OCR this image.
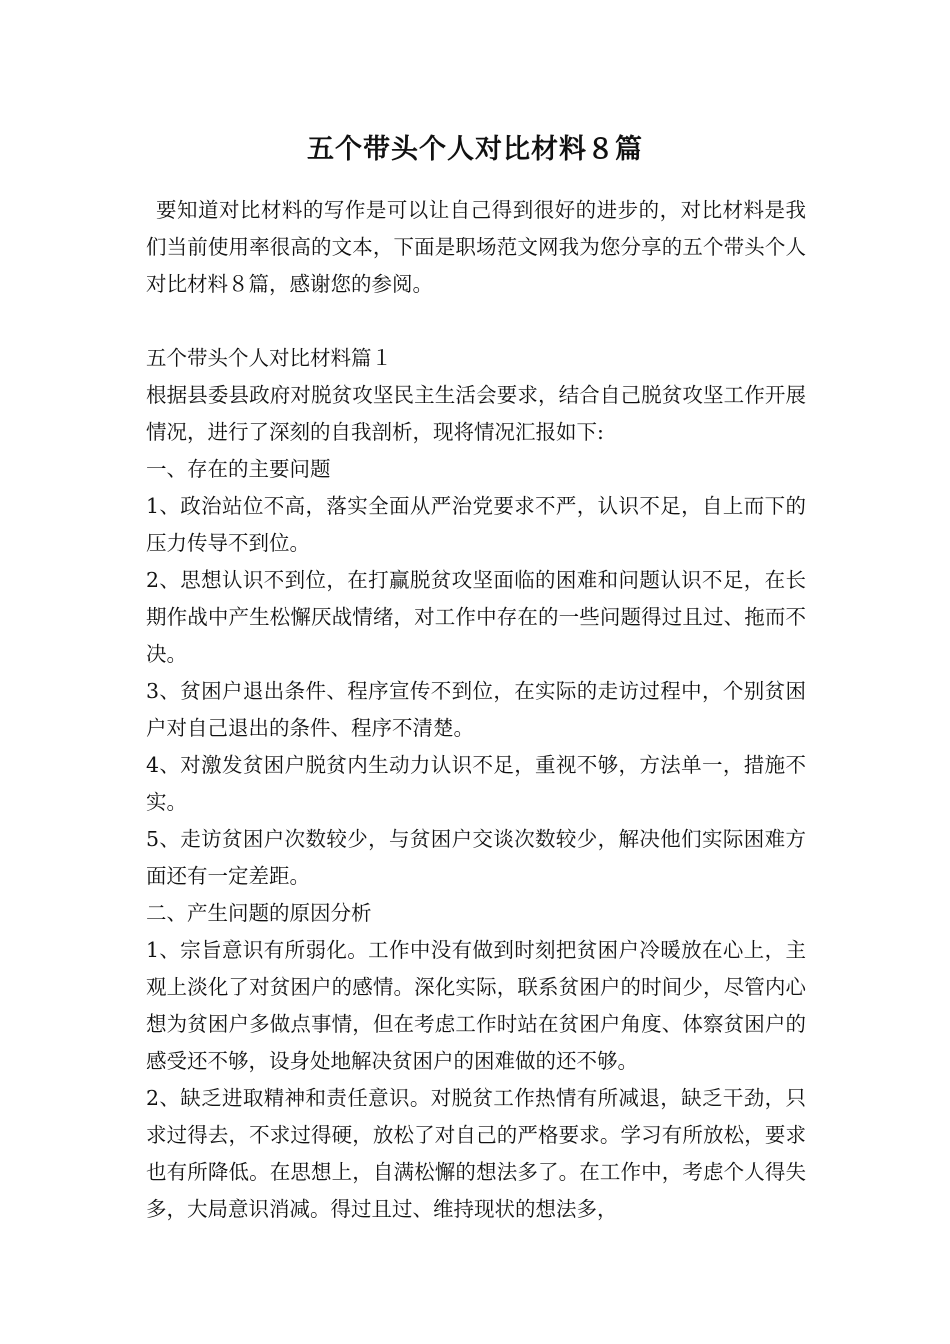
五个带头个人对比材料８篇

要知道对比材料的写作是可以让自己得到很好的进步的，对比材料是我们当前使用率很高的文本，下面是职场范文网我为您分享的五个带头个人对比材料８篇，感谢您的参阅。

五个带头个人对比材料篇１

根据县委县政府对脱贫攻坚民主生活会要求，结合自己脱贫攻坚工作开展情况，进行了深刻的自我剖析，现将情况汇报如下:

一、存在的主要问题

1、政治站位不高，落实全面从严治党要求不严，认识不足，自上而下的压力传导不到位。

2、思想认识不到位，在打赢脱贫攻坚面临的困难和问题认识不足，在长期作战中产生松懈厌战情绪，对工作中存在的一些问题得过且过、拖而不决。

3、贫困户退出条件、程序宣传不到位，在实际的走访过程中，个别贫困户对自己退出的条件、程序不清楚。

4、对激发贫困户脱贫内生动力认识不足，重视不够，方法单一，措施不实。

5、走访贫困户次数较少，与贫困户交谈次数较少，解决他们实际困难方面还有一定差距。

二、产生问题的原因分析

1、宗旨意识有所弱化。工作中没有做到时刻把贫困户冷暖放在心上，主观上淡化了对贫困户的感情。深化实际，联系贫困户的时间少，尽管内心想为贫困户多做点事情，但在考虑工作时站在贫困户角度、体察贫困户的感受还不够，设身处地解决贫困户的困难做的还不够。

2、缺乏进取精神和责任意识。对脱贫工作热情有所减退，缺乏干劲，只求过得去，不求过得硬，放松了对自己的严格要求。学习有所放松，要求也有所降低。在思想上，自满松懈的想法多了。在工作中，考虑个人得失多，大局意识消减。得过且过、维持现状的想法多，
